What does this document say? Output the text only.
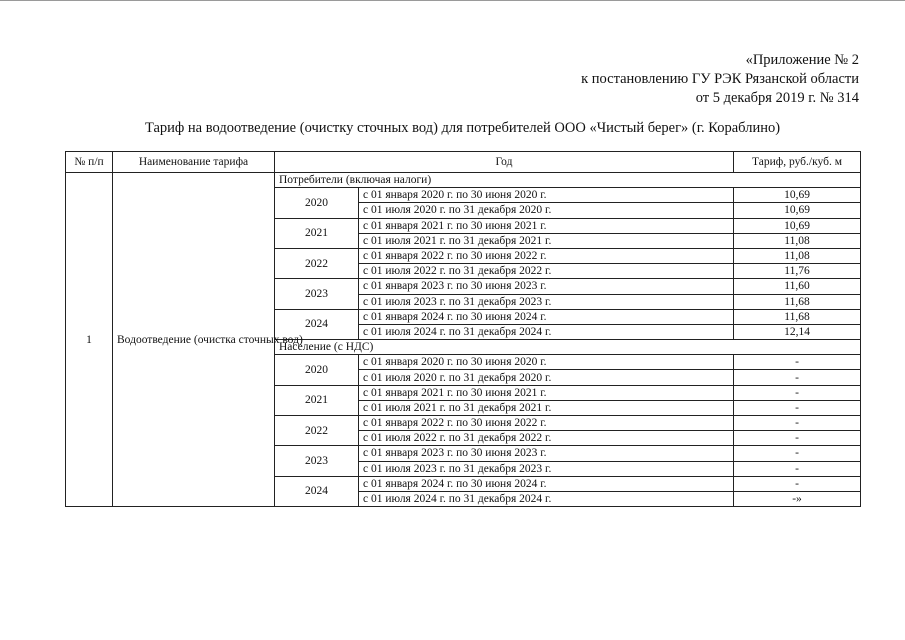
«Приложение № 2
к постановлению ГУ РЭК Рязанской области
от 5 декабря 2019 г. № 314
Тариф на водоотведение (очистку сточных вод) для потребителей ООО «Чистый берег» (г. Кораблино)
№ п/п	Наименование тарифа	Год		Тариф, руб./куб. м
1	Водоотведение (очистка сточных вод)	Потребители (включая налоги)		
		2020	с 01 января 2020 г. по 30 июня 2020 г.	10,69
			с 01 июля 2020 г. по 31 декабря 2020 г.	10,69
		2021	с 01 января 2021 г. по 30 июня 2021 г.	10,69
			с 01 июля 2021 г. по 31 декабря 2021 г.	11,08
		2022	с 01 января 2022 г. по 30 июня 2022 г.	11,08
			с 01 июля 2022 г. по 31 декабря 2022 г.	11,76
		2023	с 01 января 2023 г. по 30 июня 2023 г.	11,60
			с 01 июля 2023 г. по 31 декабря 2023 г.	11,68
		2024	с 01 января 2024 г. по 30 июня 2024 г.	11,68
			с 01 июля 2024 г. по 31 декабря 2024 г.	12,14
		Население (с НДС)		
		2020	с 01 января 2020 г. по 30 июня 2020 г.	-
			с 01 июля 2020 г. по 31 декабря 2020 г.	-
		2021	с 01 января 2021 г. по 30 июня 2021 г.	-
			с 01 июля 2021 г. по 31 декабря 2021 г.	-
		2022	с 01 января 2022 г. по 30 июня 2022 г.	-
			с 01 июля 2022 г. по 31 декабря 2022 г.	-
		2023	с 01 января 2023 г. по 30 июня 2023 г.	-
			с 01 июля 2023 г. по 31 декабря 2023 г.	-
		2024	с 01 января 2024 г. по 30 июня 2024 г.	-
			с 01 июля 2024 г. по 31 декабря 2024 г.	-»
